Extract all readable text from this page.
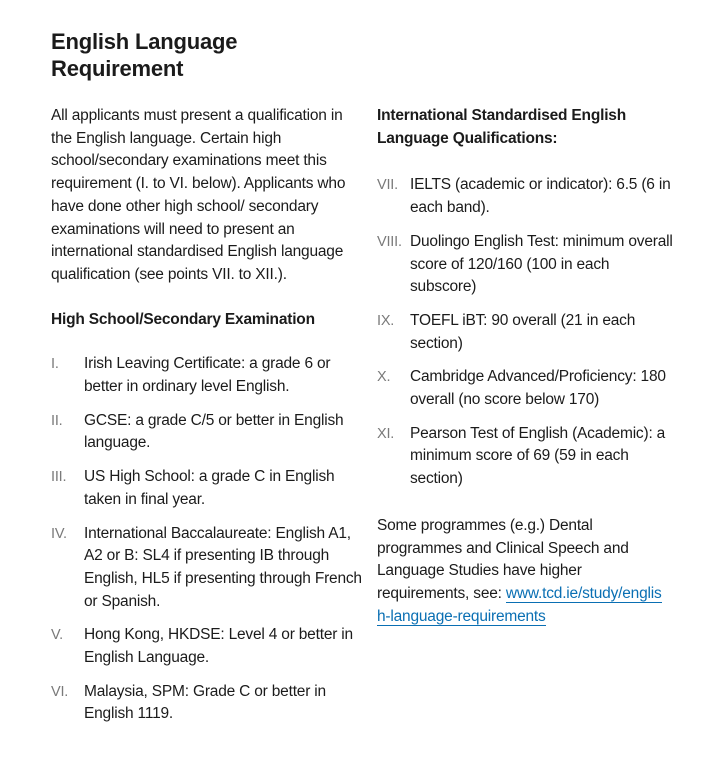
English Language
Requirement

All applicants must present a qualification in the English language. Certain high school/secondary examinations meet this requirement (I. to VI. below). Applicants who have done other high school/ secondary examinations will need to present an international standardised English language qualification (see points VII. to XII.).

High School/Secondary Examination

I. Irish Leaving Certificate: a grade 6 or better in ordinary level English.
II. GCSE: a grade C/5 or better in English language.
III. US High School: a grade C in English taken in final year.
IV. International Baccalaureate: English A1, A2 or B: SL4 if presenting IB through English, HL5 if presenting through French or Spanish.
V. Hong Kong, HKDSE: Level 4 or better in English Language.
VI. Malaysia, SPM: Grade C or better in English 1119.

International Standardised English Language Qualifications:

VII. IELTS (academic or indicator): 6.5 (6 in each band).
VIII. Duolingo English Test: minimum overall score of 120/160 (100 in each subscore)
IX. TOEFL iBT: 90 overall (21 in each section)
X. Cambridge Advanced/Proficiency: 180 overall (no score below 170)
XI. Pearson Test of English (Academic): a minimum score of 69 (59 in each section)

Some programmes (e.g.) Dental programmes and Clinical Speech and Language Studies have higher requirements, see: www.tcd.ie/study/english-language-requirements
